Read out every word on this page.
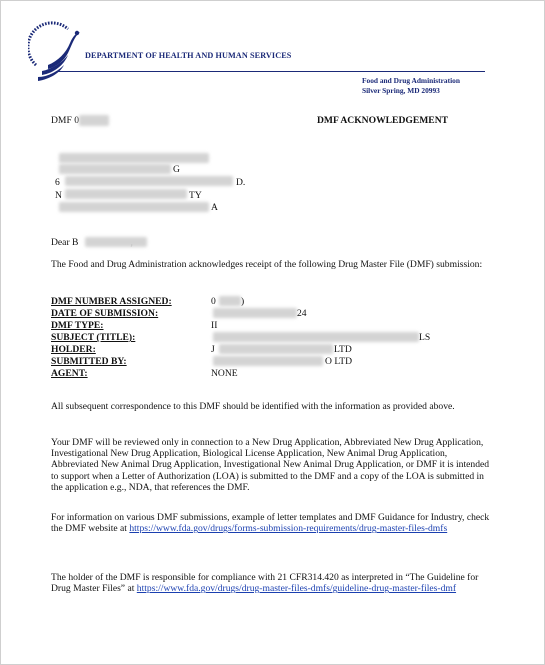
DEPARTMENT OF HEALTH AND HUMAN SERVICES
Food and Drug Administration
Silver Spring, MD 20993
DMF 0	DMF ACKNOWLEDGEMENT
G
6	D.
N	TY
A
Dear B
The Food and Drug Administration acknowledges receipt of the following Drug Master File (DMF) submission:
DMF NUMBER ASSIGNED:	0	)
DATE OF SUBMISSION:	24
DMF TYPE:	II
SUBJECT (TITLE):	LS
HOLDER:	J	LTD
SUBMITTED BY:	O LTD
AGENT:	NONE
All subsequent correspondence to this DMF should be identified with the information as provided above.
Your DMF will be reviewed only in connection to a New Drug Application, Abbreviated New Drug Application, Investigational New Drug Application, Biological License Application, New Animal Drug Application, Abbreviated New Animal Drug Application, Investigational New Animal Drug Application, or DMF it is intended to support when a Letter of Authorization (LOA) is submitted to the DMF and a copy of the LOA is submitted in the application e.g., NDA, that references the DMF.
For information on various DMF submissions, example of letter templates and DMF Guidance for Industry, check the DMF website at https://www.fda.gov/drugs/forms-submission-requirements/drug-master-files-dmfs
The holder of the DMF is responsible for compliance with 21 CFR314.420 as interpreted in “The Guideline for Drug Master Files” at https://www.fda.gov/drugs/drug-master-files-dmfs/guideline-drug-master-files-dmf
